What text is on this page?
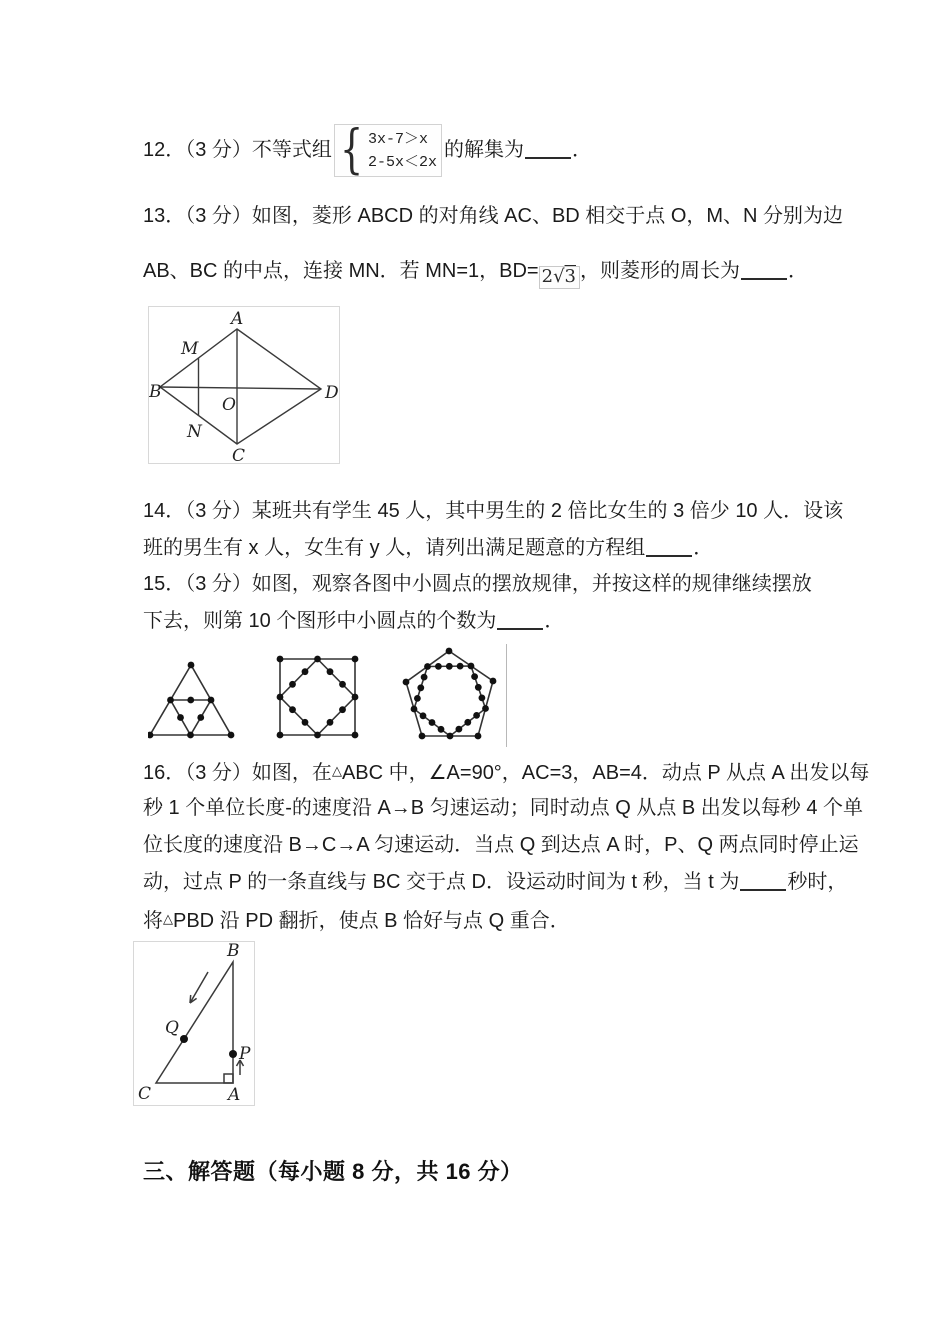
12．（3 分）不等式组 { 3x-7＞x
2-5x＜2x
的解集为 ．
13．（3 分）如图，菱形 ABCD 的对角线 AC、BD 相交于点 O，M、N 分别为边
AB、BC 的中点，连接 MN．若 MN=1，BD= 2√3 ，则菱形的周长为 ．
A
M
B
O
D
N
C
14．（3 分）某班共有学生 45 人，其中男生的 2 倍比女生的 3 倍少 10 人．设该
班的男生有 x 人，女生有 y 人，请列出满足题意的方程组 ．
15．（3 分）如图，观察各图中小圆点的摆放规律，并按这样的规律继续摆放
下去，则第 10 个图形中小圆点的个数为 ．
16．（3 分）如图，在△ABC 中，∠A=90°，AC=3，AB=4．动点 P 从点 A 出发以每
秒 1 个单位长度-的速度沿 A→B 匀速运动；同时动点 Q 从点 B 出发以每秒 4 个单
位长度的速度沿 B→C→A 匀速运动．当点 Q 到达点 A 时，P、Q 两点同时停止运
动，过点 P 的一条直线与 BC 交于点 D．设运动时间为 t 秒，当 t 为 秒时，
将△PBD 沿 PD 翻折，使点 B 恰好与点 Q 重合．
B
C	A
Q
P
三、解答题（每小题 8 分，共 16 分）
